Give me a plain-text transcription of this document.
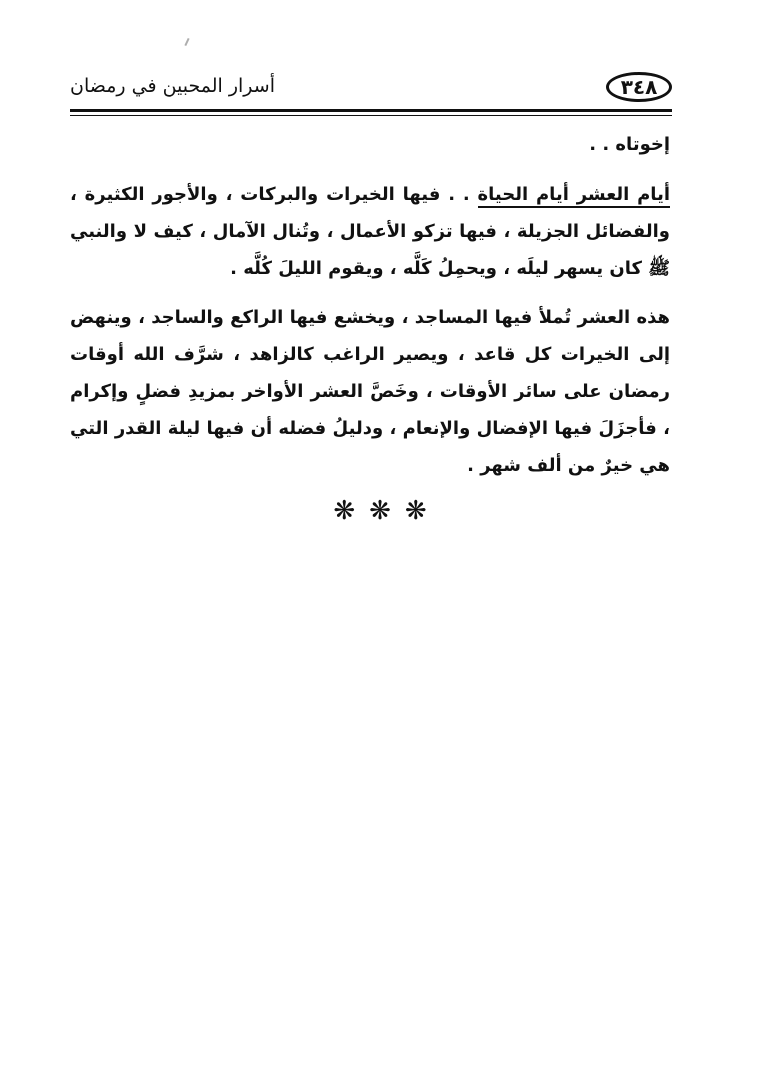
أسرار المحبين في رمضان	٣٤٨

إخوتاه . .

أيام العشر أيام الحياة . . فيها الخيرات والبركات ، والأجور الكثيرة ، والفضائل الجزيلة ، فيها تزكو الأعمال ، وتُنال الآمال ، كيف لا والنبي ﷺ كان يسهر ليلَه ، ويحمِلُ كَلَّه ، ويقوم الليلَ كُلَّه .

هذه العشر تُملأ فيها المساجد ، ويخشع فيها الراكع والساجد ، وينهض إلى الخيرات كل قاعد ، ويصير الراغب كالزاهد ، شرَّف الله أوقات رمضان على سائر الأوقات ، وخَصَّ العشر الأواخر بمزيدِ فضلٍ وإكرام ، فأجزَلَ فيها الإفضال والإنعام ، ودليلُ فضله أن فيها ليلة القدر التي هي خيرٌ من ألف شهر .

❋❋❋
